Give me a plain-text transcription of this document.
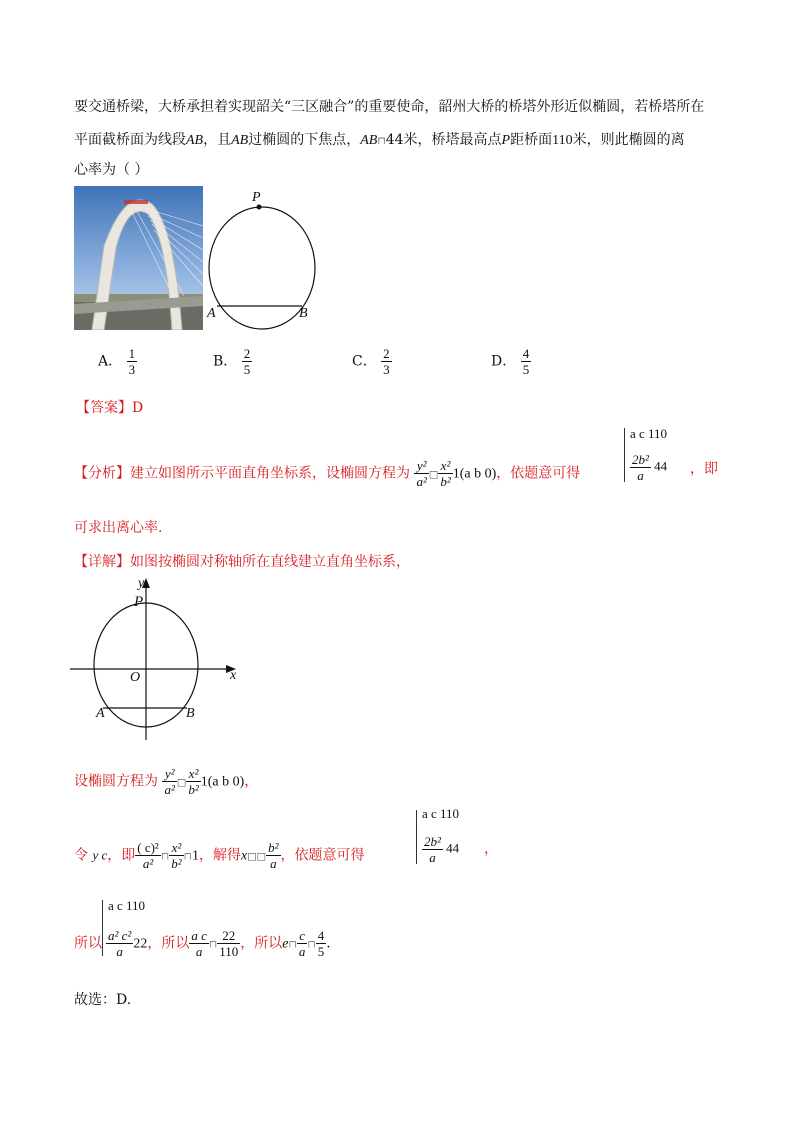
要交通桥梁，大桥承担着实现韶关“三区融合”的重要使命，韶州大桥的桥塔外形近似椭圆，若桥塔所在
平面截桥面为线段AB，且AB过椭圆的下焦点，AB⊓44米，桥塔最高点P距桥面110米，则此椭圆的离
心率为（ ）
P
A	B
A． $\frac{1}{3}$	B． $\frac{2}{5}$	C． $\frac{2}{3}$	D． $\frac{4}{5}$
【答案】D
【分析】建立如图所示平面直角坐标系，设椭圆方程为 $\frac{\text{y²}}{\text{a²}}$ □ $\frac{\text{x²}}{\text{b²}} 1(a$ b 0)，依题意可得
a c 110
$\frac{\text{2b²}}{a} 44$ ，即
可求出离心率.
【详解】如图按椭圆对称轴所在直线建立直角坐标系，
y
x
P
O
A	B
设椭圆方程为 $\frac{\text{y²}}{\text{a²}}$ □ $\frac{\text{x²}}{\text{b²}} 1(a$ b 0)，
令 y c，即 $\frac{\text{( c)²}}{\text{a²}}$ ⊓ $\frac{\text{x²}}{\text{b²}}$ ⊓1，解得x□□ $\frac{\text{b²}}{a}$ ，依题意可得
a c 110
$\frac{\text{2b²}}{a} 44$ ，
a c 110
所以 $\frac{\text{a² c²}}{a} 22$，所以 $\frac{\text{a c}}{a}$ ⊓ $\frac{22}{110}$ ，所以e⊓ $\frac{c}{a}$ ⊓ $\frac{4}{5}$ .
故选：D.
